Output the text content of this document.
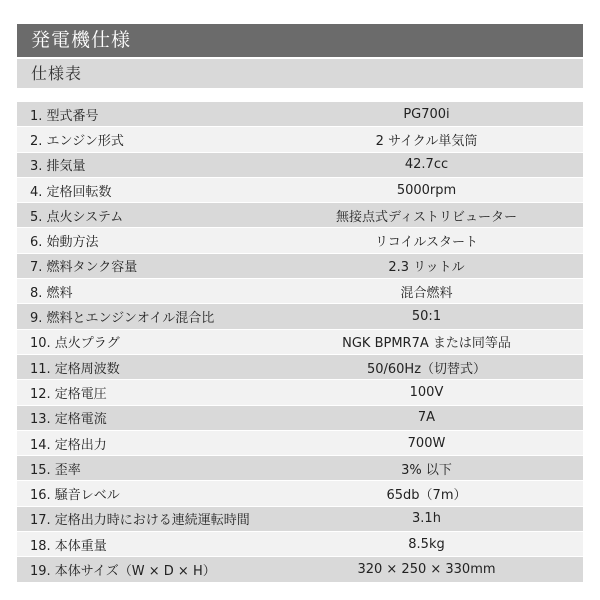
発電機仕様
仕様表
1. 型式番号	PG700i
2. エンジン形式	2 サイクル単気筒
3. 排気量	42.7cc
4. 定格回転数	5000rpm
5. 点火システム	無接点式ディストリビューター
6. 始動方法	リコイルスタート
7. 燃料タンク容量	2.3 リットル
8. 燃料	混合燃料
9. 燃料とエンジンオイル混合比	50:1
10. 点火プラグ	NGK BPMR7A または同等品
11. 定格周波数	50/60Hz（切替式）
12. 定格電圧	100V
13. 定格電流	7A
14. 定格出力	700W
15. 歪率	3% 以下
16. 騒音レベル	65db（7m）
17. 定格出力時における連続運転時間	3.1h
18. 本体重量	8.5kg
19. 本体サイズ（W × D × H）	320 × 250 × 330mm
